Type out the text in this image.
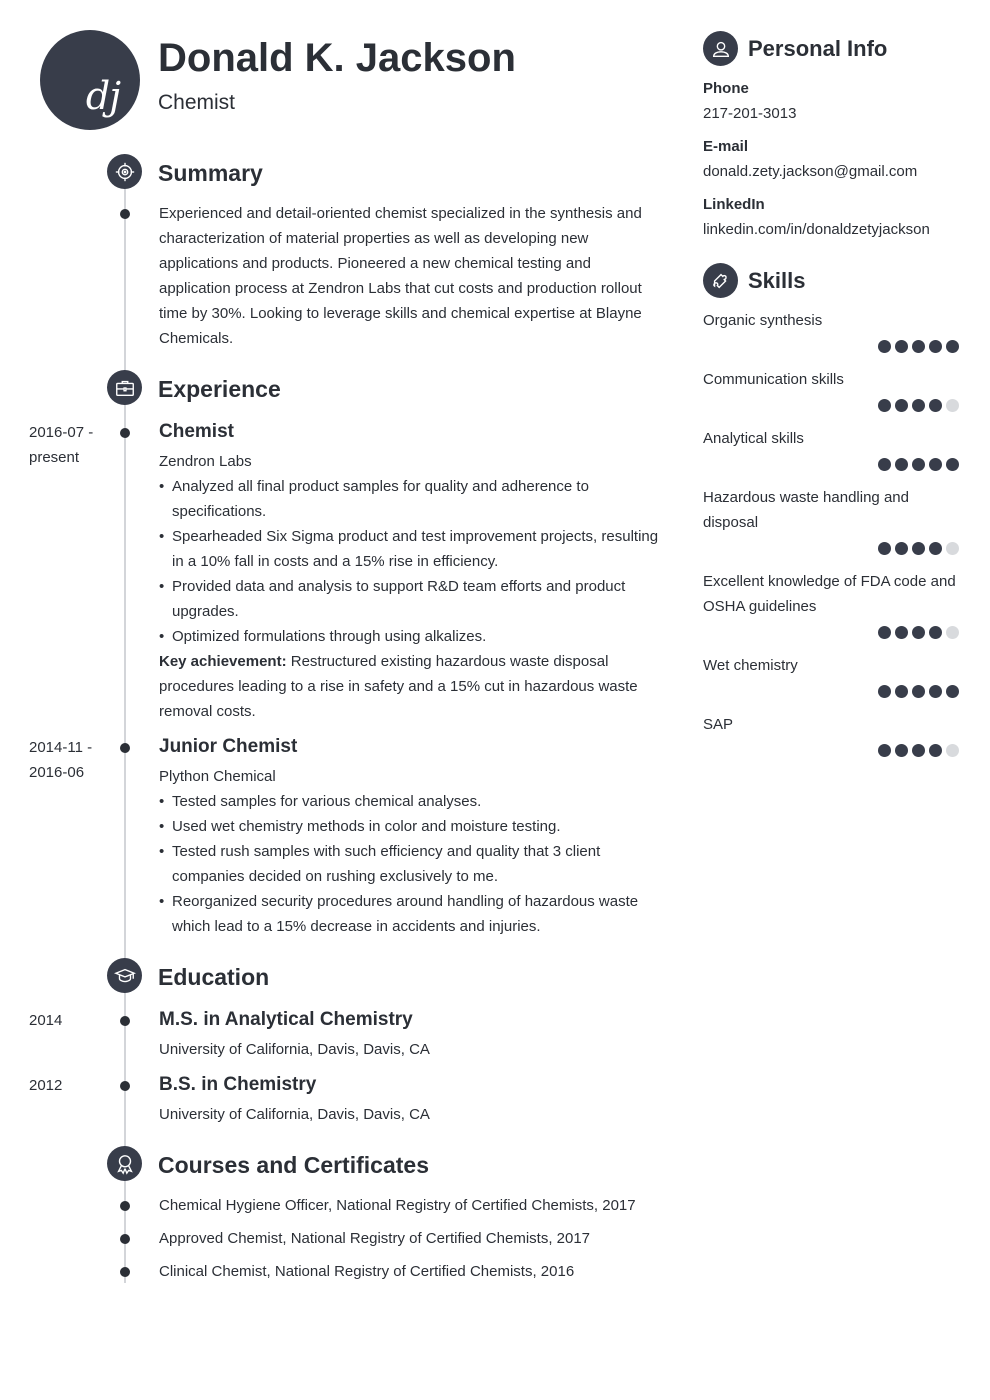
dj
Donald K. Jackson
Chemist
Summary
Experienced and detail-oriented chemist specialized in the synthesis and characterization of material properties as well as developing new applications and products. Pioneered a new chemical testing and application process at Zendron Labs that cut costs and production rollout time by 30%. Looking to leverage skills and chemical expertise at Blayne Chemicals.
Experience
2016-07 - present
Chemist
Zendron Labs
• Analyzed all final product samples for quality and adherence to specifications.
• Spearheaded Six Sigma product and test improvement projects, resulting in a 10% fall in costs and a 15% rise in efficiency.
• Provided data and analysis to support R&D team efforts and product upgrades.
• Optimized formulations through using alkalizes.
Key achievement: Restructured existing hazardous waste disposal procedures leading to a rise in safety and a 15% cut in hazardous waste removal costs.
2014-11 - 2016-06
Junior Chemist
Plython Chemical
• Tested samples for various chemical analyses.
• Used wet chemistry methods in color and moisture testing.
• Tested rush samples with such efficiency and quality that 3 client companies decided on rushing exclusively to me.
• Reorganized security procedures around handling of hazardous waste which lead to a 15% decrease in accidents and injuries.
Education
2014	M.S. in Analytical Chemistry
University of California, Davis, Davis, CA
2012	B.S. in Chemistry
University of California, Davis, Davis, CA
Courses and Certificates
Chemical Hygiene Officer, National Registry of Certified Chemists, 2017
Approved Chemist, National Registry of Certified Chemists, 2017
Clinical Chemist, National Registry of Certified Chemists, 2016
Personal Info
Phone
217-201-3013
E-mail
donald.zety.jackson@gmail.com
LinkedIn
linkedin.com/in/donaldzetyjackson
Skills
Organic synthesis
Communication skills
Analytical skills
Hazardous waste handling and disposal
Excellent knowledge of FDA code and OSHA guidelines
Wet chemistry
SAP
